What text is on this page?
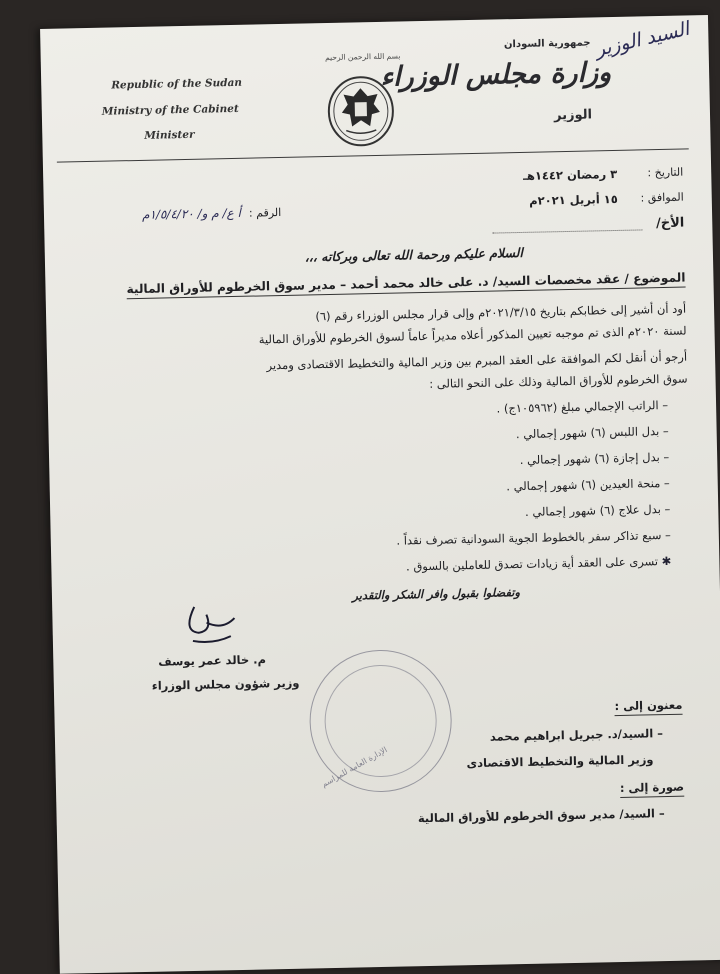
Republic of the Sudan
Ministry of the Cabinet
Minister
بسم الله الرحمن الرحيم
جمهورية السودان
وزارة مجلس الوزراء
الوزير
السيد الوزير
التاريخ :
٣ رمضان ١٤٤٢هـ
الموافق :
١٥ أبريل ٢٠٢١م
الأخ/
الرقم :
أ ع/ م و/ ١/٥/٤/٢٠م
السلام عليكم ورحمة الله تعالى وبركاته ،،،
الموضوع / عقد مخصصات السيد/ د. على خالد محمد أحمد – مدير سوق الخرطوم للأوراق المالية
أود أن أشير إلى خطابكم بتاريخ ٢٠٢١/٣/١٥م وإلى قرار مجلس الوزراء رقم (٦)
لسنة ٢٠٢٠م الذى تم موجبه تعيين المذكور أعلاه مديراً عاماً لسوق الخرطوم للأوراق المالية
أرجو أن أنقل لكم الموافقة على العقد المبرم بين وزير المالية والتخطيط الاقتصادى ومدير
سوق الخرطوم للأوراق المالية وذلك على النحو التالى :
– الراتب الإجمالي مبلغ (١٠٥٩٦٢ج) .
– بدل اللبس (٦) شهور إجمالي .
– بدل إجازة (٦) شهور إجمالي .
– منحة العيدين (٦) شهور إجمالي .
– بدل علاج (٦) شهور إجمالي .
– سبع تذاكر سفر بالخطوط الجوية السودانية تصرف نقداً .
✱ تسرى على العقد أية زيادات تصدق للعاملين بالسوق .
وتفضلوا بقبول وافر الشكر والتقدير
م. خالد عمر يوسف
وزير شؤون مجلس الوزراء
الإدارة العامة للمراسم
معنون إلى :
– السيد/د. جبريل ابراهيم محمد
وزير المالية والتخطيط الاقتصادى
صورة إلى :
– السيد/ مدير سوق الخرطوم للأوراق المالية
